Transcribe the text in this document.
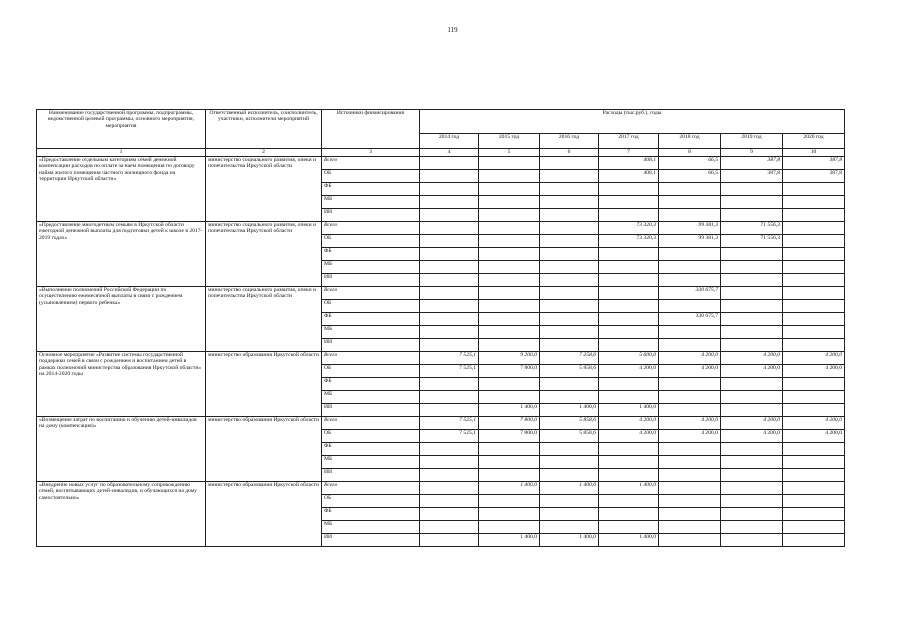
119
Наименование государственной программы, подпрограммы, ведомственной целевой программы, основного мероприятия, мероприятия	Ответственный исполнитель, соисполнитель, участники, исполнители мероприятий	Источники финансирования	Расходы (тыс.руб.), годы						
			2014 год	2015 год	2016 год	2017 год	2018 год	2019 год	2020 год
1	2	3	4	5	6	7	8	9	10
«Предоставление отдельным категориям семей денежной компенсации расходов по оплате за наем помещения по договору найма жилого помещения частного жилищного фонда на территории Иркутской области»	министерство социального развития, опеки и попечительства Иркутской области	Всего				408,1	66,5	387,8	387,8
		ОБ				408,1	66,5	387,8	387,8
		ФБ							
		МБ							
		ИИ							
«Предоставление многодетным семьям в Иркутской области ежегодной денежной выплаты для подготовки детей к школе в 2017-2019 годах»	министерство социального развития, опеки и попечительства Иркутской области	Всего				73 320,3	99 381,3	71 556,3	
		ОБ				73 320,3	99 381,3	71 556,3	
		ФБ							
		МБ							
		ИИ							
«Выполнение полномочий Российской Федерации по осуществлению ежемесячной выплаты в связи с рождением (усыновлением) первого ребенка»	министерство социального развития, опеки и попечительства Иркутской области	Всего					330 675,7		
		ОБ							
		ФБ					330 675,7		
		МБ							
		ИИ							
Основное мероприятие «Развитие системы государственной поддержки семей в связи с рождением и воспитанием детей в рамках полномочий министерства образования Иркутской области» на 2014-2020 годы	министерство образования Иркутской области	Всего	7 525,1	9 200,0	7 258,6	5 600,0	4 200,0	4 200,0	4 200,0
		ОБ	7 525,1	7 800,0	5 858,6	4 200,0	4 200,0	4 200,0	4 200,0
		ФБ							
		МБ							
		ИИ		1 400,0	1 400,0	1 400,0			
«Возмещение затрат по воспитанию и обучению детей-инвалидов на дому (компенсация)»	министерство образования Иркутской области	Всего	7 525,1	7 800,0	5 858,6	4 200,0	4 200,0	4 200,0	4 200,0
		ОБ	7 525,1	7 800,0	5 858,6	4 200,0	4 200,0	4 200,0	4 200,0
		ФБ							
		МБ							
		ИИ							
«Внедрение новых услуг по образовательному сопровождению семей, воспитывающих детей-инвалидов, и обучающихся на дому самостоятельно»	министерство образования Иркутской области	Всего		1 400,0	1 400,0	1 400,0			
		ОБ							
		ФБ							
		МБ							
		ИИ		1 400,0	1 400,0	1 400,0			
